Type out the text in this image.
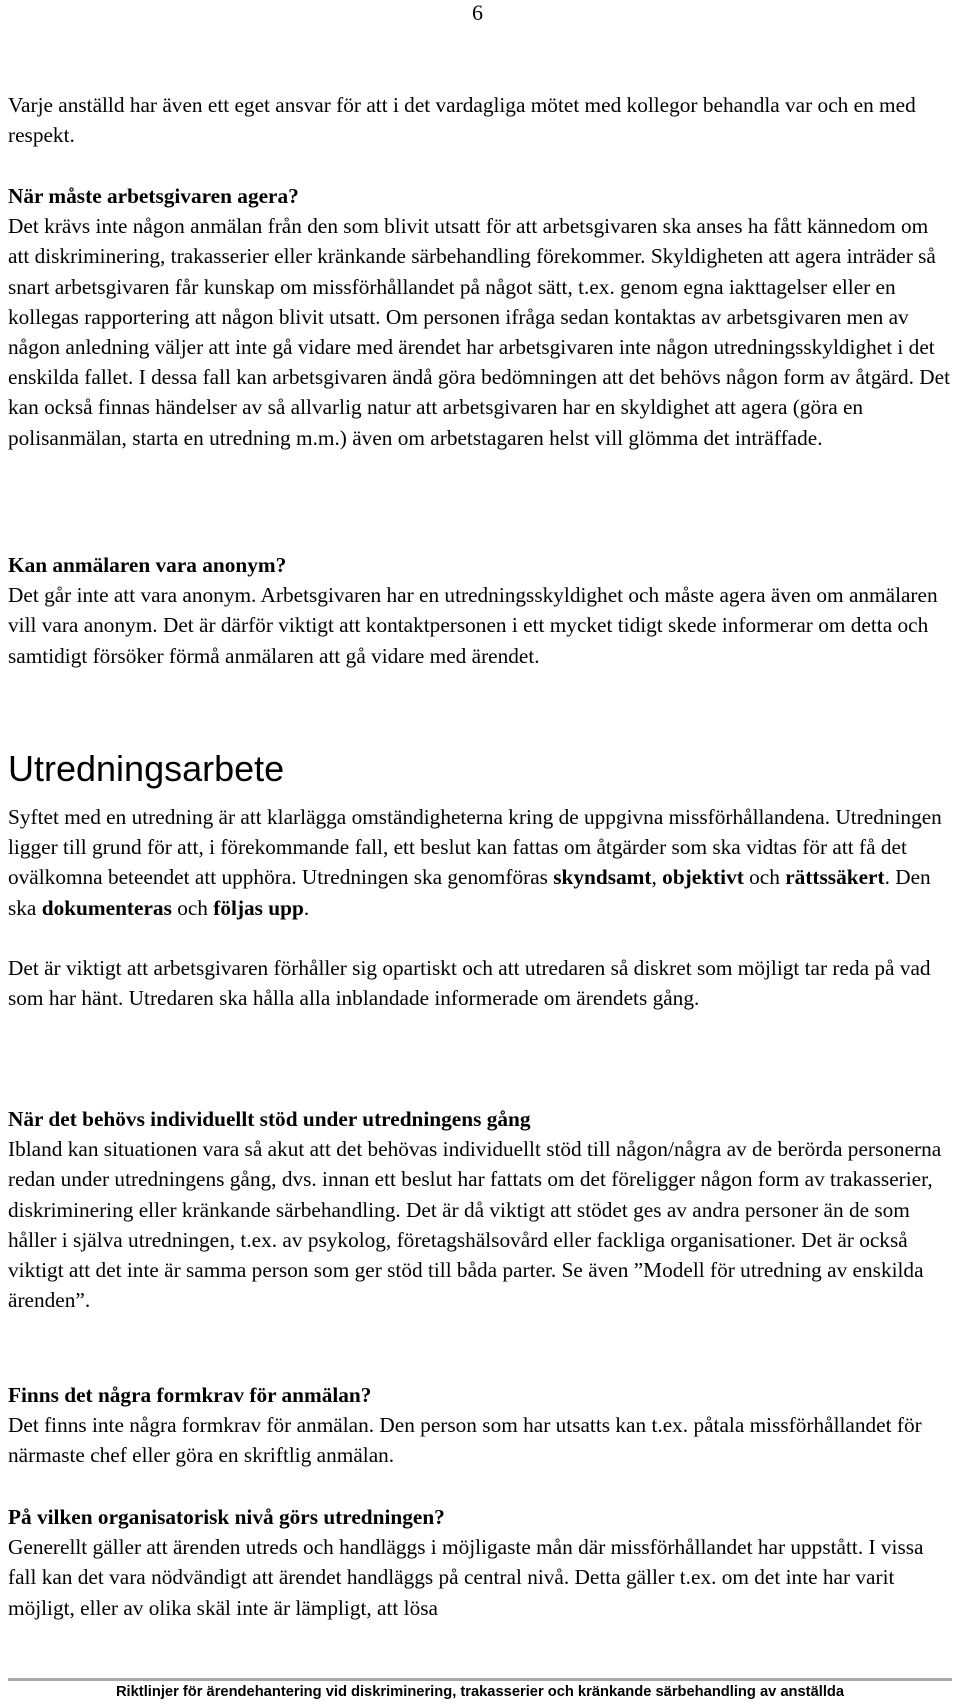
6

Varje anställd har även ett eget ansvar för att i det vardagliga mötet med kollegor behandla var och en med respekt.

När måste arbetsgivaren agera?

Det krävs inte någon anmälan från den som blivit utsatt för att arbetsgivaren ska anses ha fått kännedom om att diskriminering, trakasserier eller kränkande särbehandling förekommer. Skyldigheten att agera inträder så snart arbetsgivaren får kunskap om missförhållandet på något sätt, t.ex. genom egna iakttagelser eller en kollegas rapportering att någon blivit utsatt. Om personen ifråga sedan kontaktas av arbetsgivaren men av någon anledning väljer att inte gå vidare med ärendet har arbetsgivaren inte någon utredningsskyldighet i det enskilda fallet. I dessa fall kan arbetsgivaren ändå göra bedömningen att det behövs någon form av åtgärd. Det kan också finnas händelser av så allvarlig natur att arbetsgivaren har en skyldighet att agera (göra en polisanmälan, starta en utredning m.m.) även om arbetstagaren helst vill glömma det inträffade.

Kan anmälaren vara anonym?

Det går inte att vara anonym. Arbetsgivaren har en utredningsskyldighet och måste agera även om anmälaren vill vara anonym. Det är därför viktigt att kontaktpersonen i ett mycket tidigt skede informerar om detta och samtidigt försöker förmå anmälaren att gå vidare med ärendet.

Utredningsarbete

Syftet med en utredning är att klarlägga omständigheterna kring de uppgivna missförhållandena. Utredningen ligger till grund för att, i förekommande fall, ett beslut kan fattas om åtgärder som ska vidtas för att få det ovälkomna beteendet att upphöra. Utredningen ska genomföras skyndsamt, objektivt och rättssäkert. Den ska dokumenteras och följas upp.

Det är viktigt att arbetsgivaren förhåller sig opartiskt och att utredaren så diskret som möjligt tar reda på vad som har hänt. Utredaren ska hålla alla inblandade informerade om ärendets gång.

När det behövs individuellt stöd under utredningens gång

Ibland kan situationen vara så akut att det behövas individuellt stöd till någon/några av de berörda personerna redan under utredningens gång, dvs. innan ett beslut har fattats om det föreligger någon form av trakasserier, diskriminering eller kränkande särbehandling. Det är då viktigt att stödet ges av andra personer än de som håller i själva utredningen, t.ex. av psykolog, företagshälsovård eller fackliga organisationer. Det är också viktigt att det inte är samma person som ger stöd till båda parter. Se även ”Modell för utredning av enskilda ärenden”.

Finns det några formkrav för anmälan?

Det finns inte några formkrav för anmälan. Den person som har utsatts kan t.ex. påtala missförhållandet för närmaste chef eller göra en skriftlig anmälan.

På vilken organisatorisk nivå görs utredningen?

Generellt gäller att ärenden utreds och handläggs i möjligaste mån där missförhållandet har uppstått. I vissa fall kan det vara nödvändigt att ärendet handläggs på central nivå. Detta gäller t.ex. om det inte har varit möjligt, eller av olika skäl inte är lämpligt, att lösa

Riktlinjer för ärendehantering vid diskriminering, trakasserier och kränkande särbehandling av anställda
